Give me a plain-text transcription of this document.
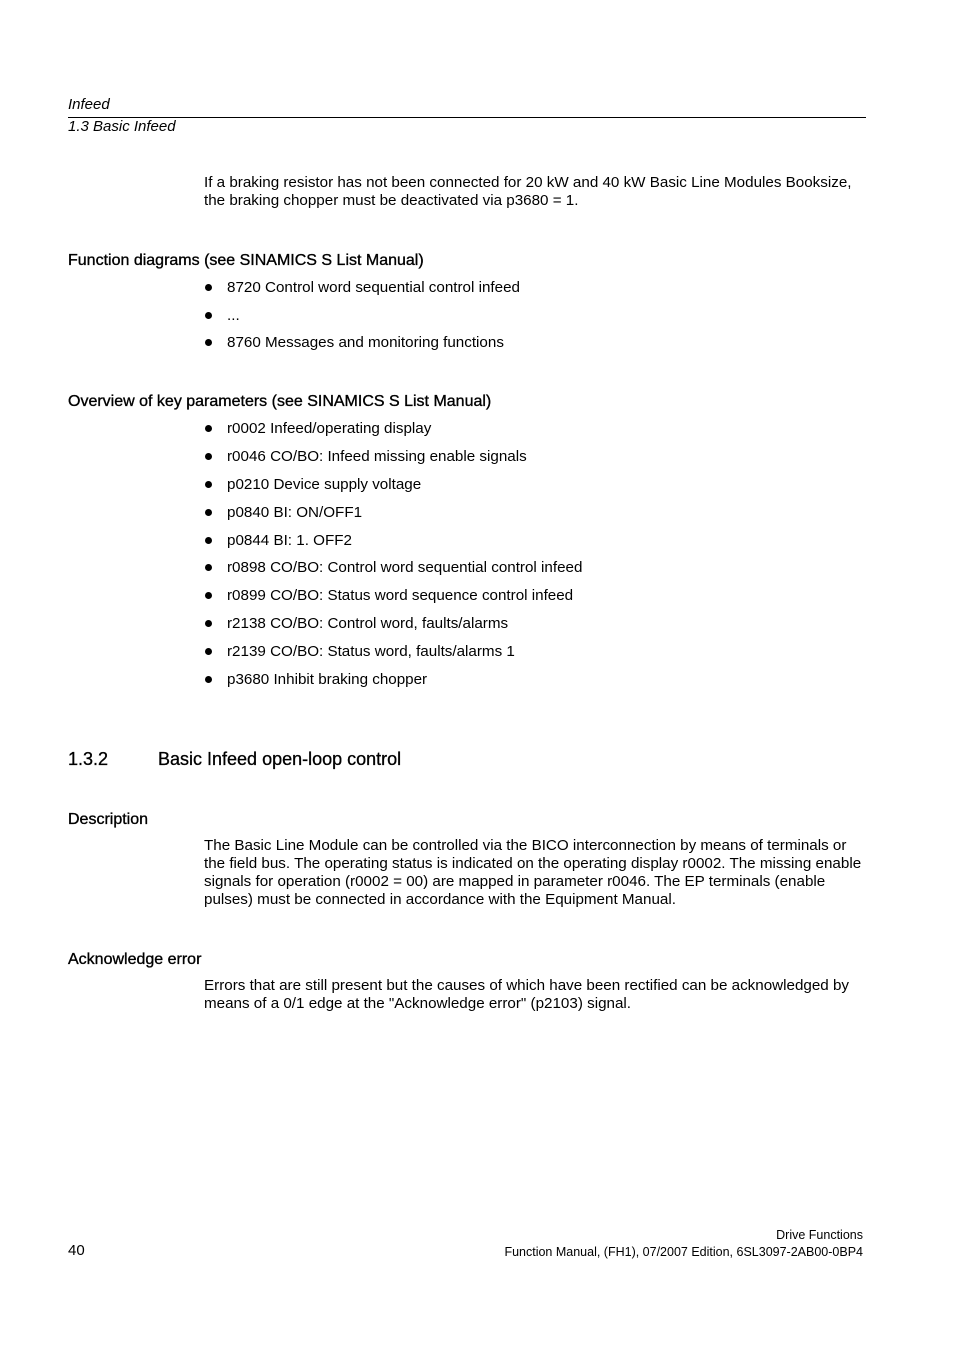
Infeed
1.3 Basic Infeed

If a braking resistor has not been connected for 20 kW and 40 kW Basic Line Modules Booksize, the braking chopper must be deactivated via p3680 = 1.

Function diagrams (see SINAMICS S List Manual)
8720 Control word sequential control infeed
...
8760 Messages and monitoring functions
Overview of key parameters (see SINAMICS S List Manual)
r0002 Infeed/operating display
r0046 CO/BO: Infeed missing enable signals
p0210 Device supply voltage
p0840 BI: ON/OFF1
p0844 BI: 1. OFF2
r0898 CO/BO: Control word sequential control infeed
r0899 CO/BO: Status word sequence control infeed
r2138 CO/BO: Control word, faults/alarms
r2139 CO/BO: Status word, faults/alarms 1
p3680 Inhibit braking chopper
1.3.2	Basic Infeed open-loop control
Description

The Basic Line Module can be controlled via the BICO interconnection by means of terminals or the field bus. The operating status is indicated on the operating display r0002. The missing enable signals for operation (r0002 = 00) are mapped in parameter r0046. The EP terminals (enable pulses) must be connected in accordance with the Equipment Manual.

Acknowledge error

Errors that are still present but the causes of which have been rectified can be acknowledged by means of a 0/1 edge at the "Acknowledge error" (p2103) signal.

40
Drive Functions
Function Manual, (FH1), 07/2007 Edition, 6SL3097-2AB00-0BP4
